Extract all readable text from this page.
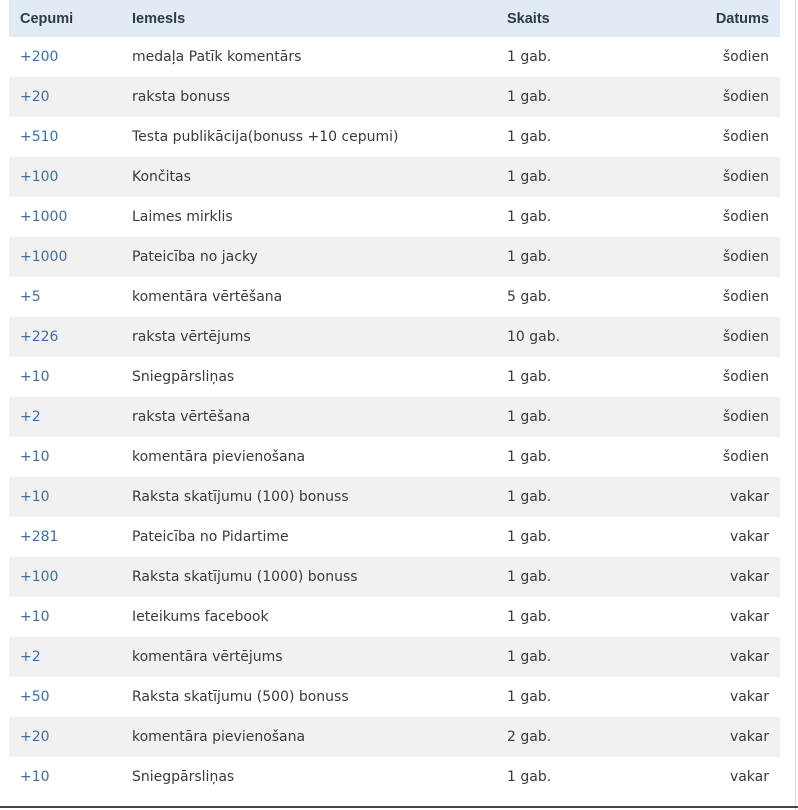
Cepumi	Iemesls	Skaits	Datums
+200	medaļa Patīk komentārs	1 gab.	šodien
+20	raksta bonuss	1 gab.	šodien
+510	Testa publikācija(bonuss +10 cepumi)	1 gab.	šodien
+100	Končitas	1 gab.	šodien
+1000	Laimes mirklis	1 gab.	šodien
+1000	Pateicība no jacky	1 gab.	šodien
+5	komentāra vērtēšana	5 gab.	šodien
+226	raksta vērtējums	10 gab.	šodien
+10	Sniegpārsliņas	1 gab.	šodien
+2	raksta vērtēšana	1 gab.	šodien
+10	komentāra pievienošana	1 gab.	šodien
+10	Raksta skatījumu (100) bonuss	1 gab.	vakar
+281	Pateicība no Pidartime	1 gab.	vakar
+100	Raksta skatījumu (1000) bonuss	1 gab.	vakar
+10	Ieteikums facebook	1 gab.	vakar
+2	komentāra vērtējums	1 gab.	vakar
+50	Raksta skatījumu (500) bonuss	1 gab.	vakar
+20	komentāra pievienošana	2 gab.	vakar
+10	Sniegpārsliņas	1 gab.	vakar
